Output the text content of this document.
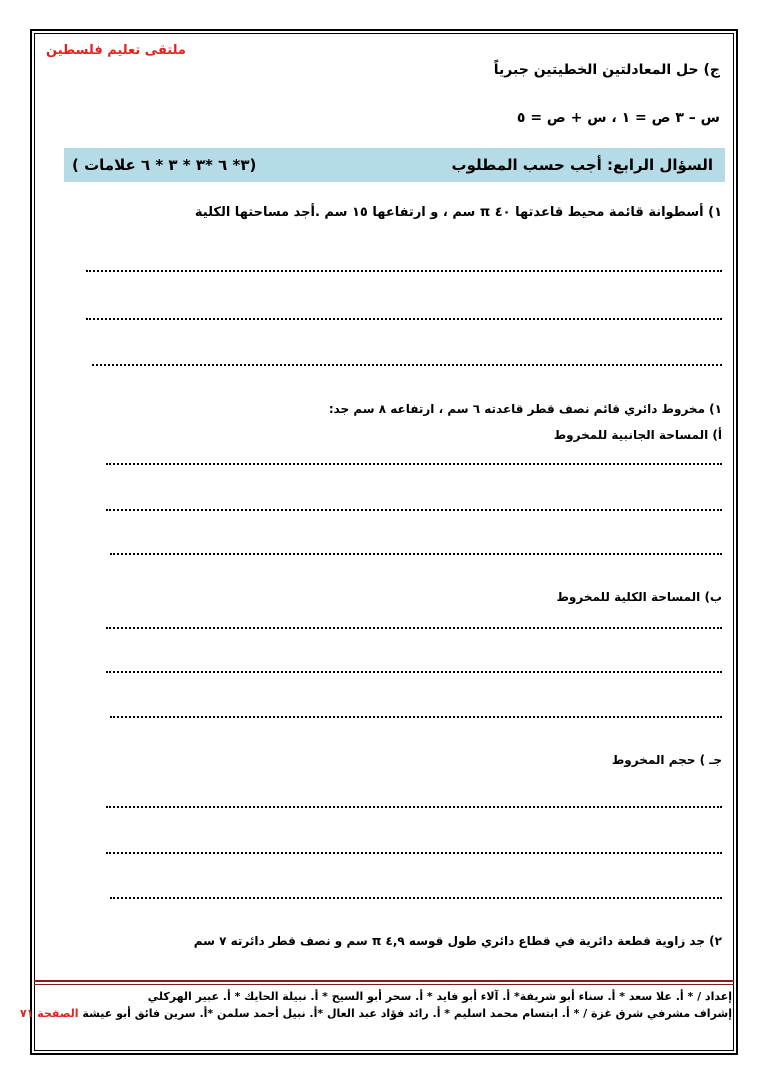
ملتقى تعليم فلسطين
ج) حل المعادلتين الخطيتين جبرياً
س – ٣ ص = ١ ، س + ص = ٥
السؤال الرابع: أجب حسب المطلوب
(٣* ٦ *٣ * ٣ * ٦ علامات )
١) أسطوانة قائمة محيط قاعدتها ٤٠ π سم ، و ارتفاعها ١٥ سم .أجد مساحتها الكلية
١) مخروط دائري قائم نصف قطر قاعدته ٦ سم ، ارتفاعه ٨ سم جد:
أ) المساحة الجانبية للمخروط
ب) المساحة الكلية للمخروط
جـ ) حجم المخروط
٢) جد زاوية قطعة دائرية في قطاع دائري طول قوسه ٤,٩ π سم و نصف قطر دائرته ٧ سم
إعداد / * أ. علا سعد * أ. سناء أبو شريفة* أ. آلاء أبو فايد * أ. سحر أبو السيح * أ. نبيلة الحايك * أ. عبير الهركلي
إشراف مشرفي شرق غزة / * أ. ابتسام محمد اسليم * أ. رائد فؤاد عبد العال *أ. نبيل أحمد سلمن *أ. سرين فائق أبو عيشة الصفحة ٧١
